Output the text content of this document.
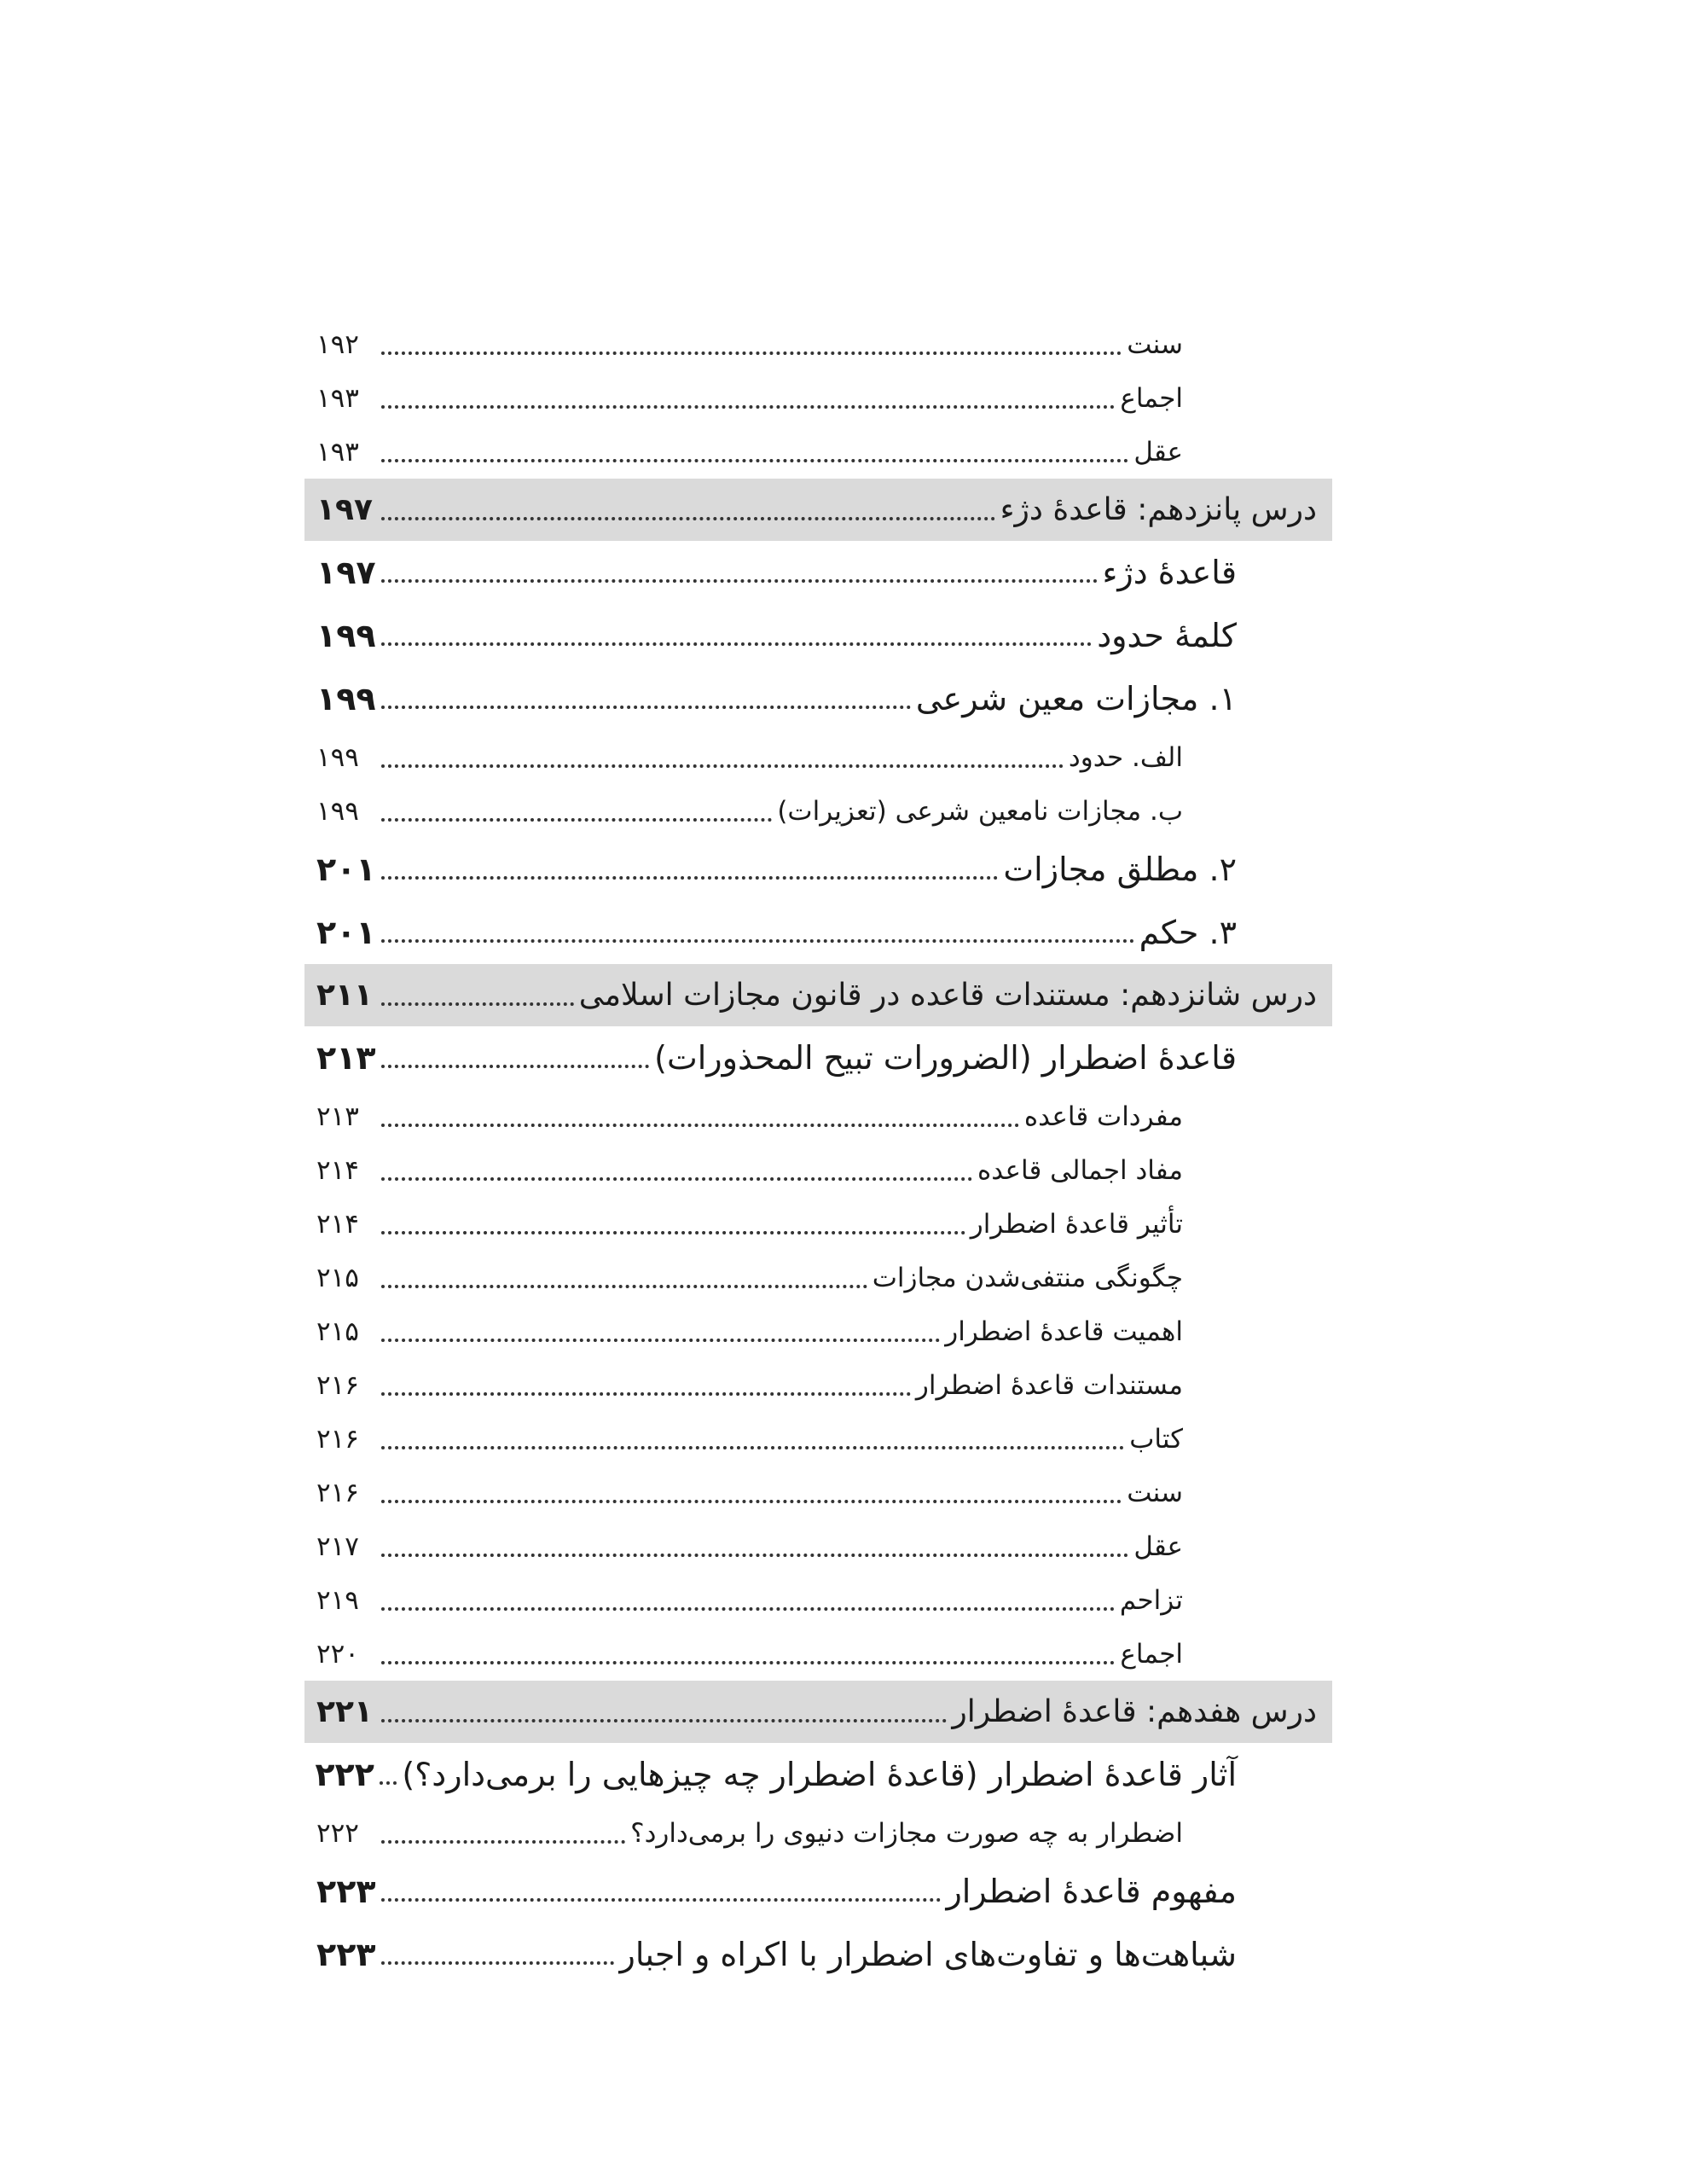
سنت
۱۹۲
اجماع
۱۹۳
عقل
۱۹۳
درس پانزدهم: قاعدهٔ دژء
۱۹۷
قاعدهٔ دژء
۱۹۷
کلمهٔ حدود
۱۹۹
۱. مجازات معین شرعی
۱۹۹
الف. حدود
۱۹۹
ب. مجازات نامعین شرعی (تعزیرات)
۱۹۹
۲. مطلق مجازات
۲۰۱
۳. حکم
۲۰۱
درس شانزدهم: مستندات قاعده در قانون مجازات اسلامی
۲۱۱
قاعدهٔ اضطرار (الضرورات تبیح المحذورات)
۲۱۳
مفردات قاعده
۲۱۳
مفاد اجمالی قاعده
۲۱۴
تأثیر قاعدهٔ اضطرار
۲۱۴
چگونگی منتفی‌شدن مجازات
۲۱۵
اهمیت قاعدهٔ اضطرار
۲۱۵
مستندات قاعدهٔ اضطرار
۲۱۶
کتاب
۲۱۶
سنت
۲۱۶
عقل
۲۱۷
تزاحم
۲۱۹
اجماع
۲۲۰
درس هفدهم: قاعدهٔ اضطرار
۲۲۱
آثار قاعدهٔ اضطرار (قاعدهٔ اضطرار چه چیزهایی را برمی‌دارد؟)
۲۲۲
اضطرار به چه صورت مجازات دنیوی را برمی‌دارد؟
۲۲۲
مفهوم قاعدهٔ اضطرار
۲۲۳
شباهت‌ها و تفاوت‌های اضطرار با اکراه و اجبار
۲۲۳
